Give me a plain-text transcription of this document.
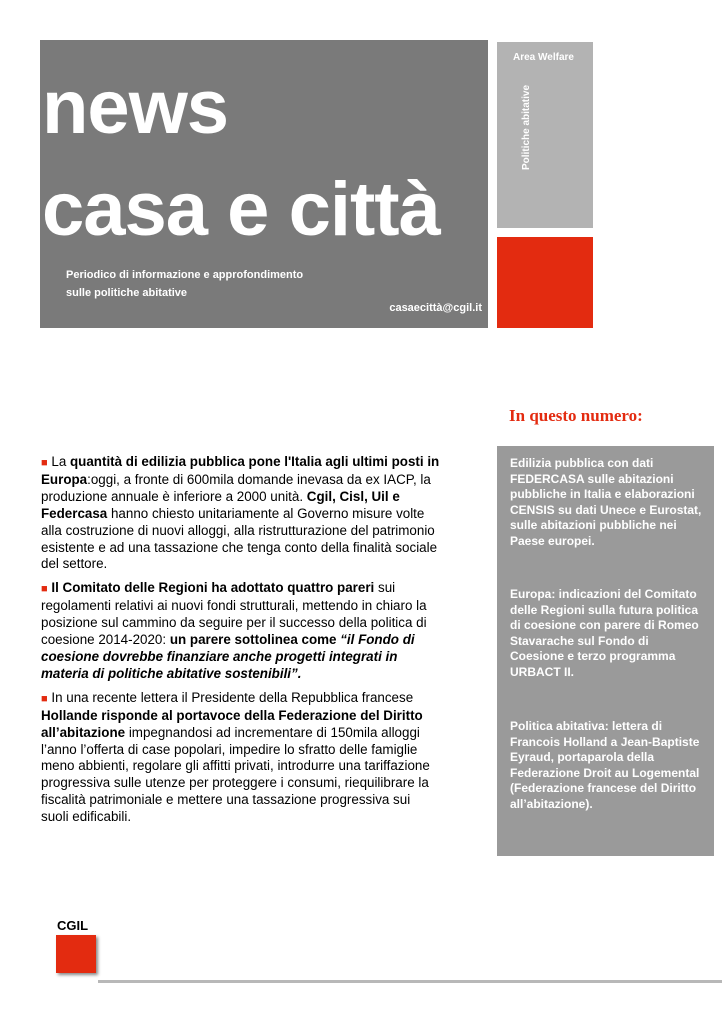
news
casa e città
Periodico di informazione e approfondimento
sulle politiche abitative
casaecittà@cgil.it
Area Welfare
Politiche abitative
In questo numero:
Edilizia pubblica con dati FEDERCASA sulle abitazioni pubbliche in Italia e elaborazioni CENSIS su dati Unece e Eurostat, sulle abitazioni pubbliche nei Paese europei.
Europa: indicazioni del Comitato delle Regioni sulla futura politica di coesione con parere di Romeo Stavarache sul Fondo di Coesione e terzo programma URBACT II.
Politica abitativa: lettera di Francois Holland a Jean-Baptiste Eyraud, portaparola della Federazione Droit au Logemental (Federazione francese del Diritto all’abitazione).

■ La quantità di edilizia pubblica pone l'Italia agli ultimi posti in Europa:oggi, a fronte di 600mila domande inevasa da ex IACP, la produzione annuale è inferiore a 2000 unità. Cgil, Cisl, Uil e Federcasa hanno chiesto unitariamente al Governo misure volte alla costruzione di nuovi alloggi, alla ristrutturazione del patrimonio esistente e ad una tassazione che tenga conto della finalità sociale del settore.

■ Il Comitato delle Regioni ha adottato quattro pareri sui regolamenti relativi ai nuovi fondi strutturali, mettendo in chiaro la posizione sul cammino da seguire per il successo della politica di coesione 2014-2020: un parere sottolinea come “il Fondo di coesione dovrebbe finanziare anche progetti integrati in materia di politiche abitative sostenibili”.

■ In una recente lettera il Presidente della Repubblica francese Hollande risponde al portavoce della Federazione del Diritto all’abitazione impegnandosi ad incrementare di 150mila alloggi l’anno l’offerta di case popolari, impedire lo sfratto delle famiglie meno abbienti, regolare gli affitti privati, introdurre una tariffazione progressiva sulle utenze per proteggere i consumi, riequilibrare la fiscalità patrimoniale e mettere una tassazione progressiva sui suoli edificabili.

CGIL
